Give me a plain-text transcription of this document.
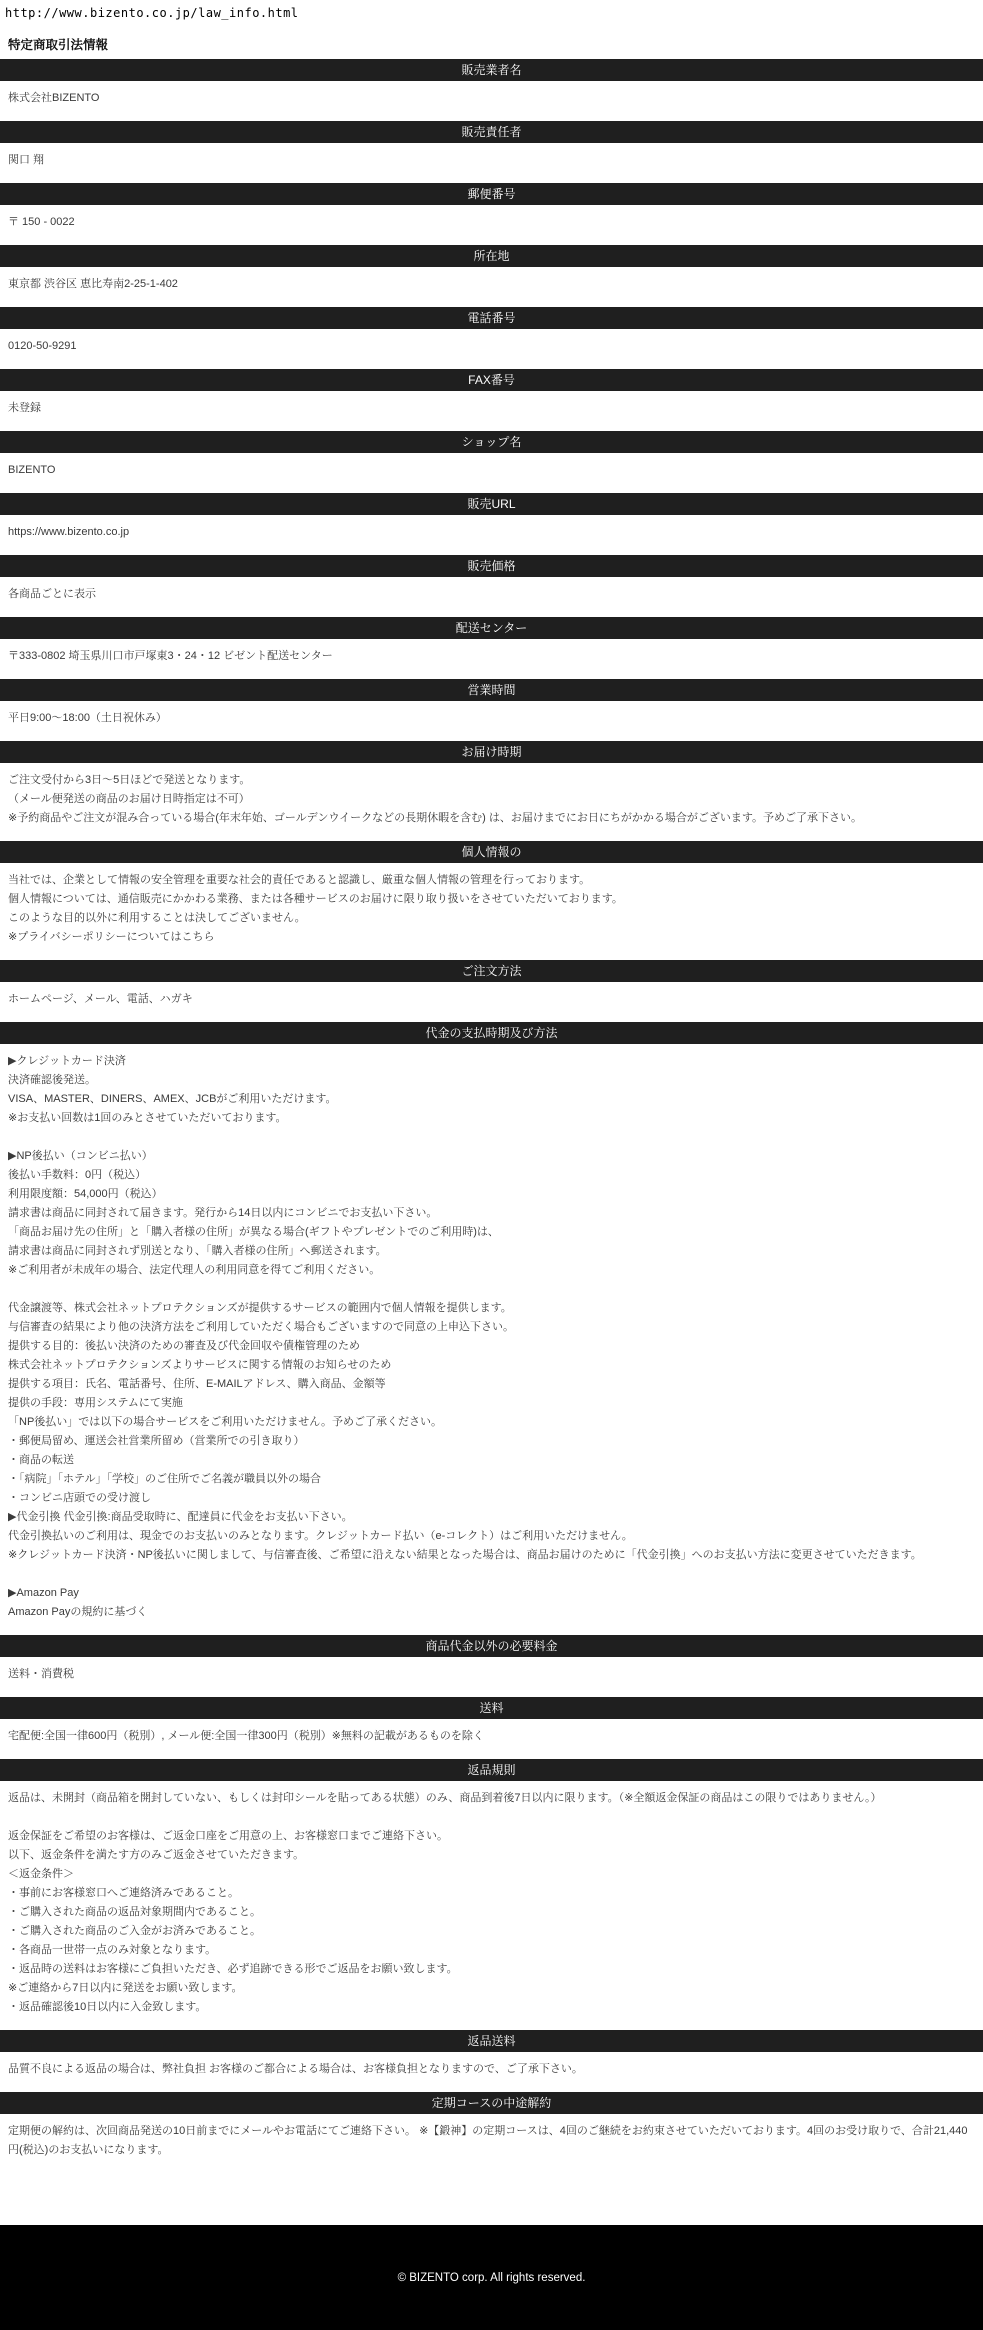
http://www.bizento.co.jp/law_info.html
特定商取引法情報
販売業者名
株式会社BIZENTO
販売責任者
関口 翔
郵便番号
〒 150 - 0022
所在地
東京都 渋谷区 恵比寿南2-25-1-402
電話番号
0120-50-9291
FAX番号
未登録
ショップ名
BIZENTO
販売URL
https://www.bizento.co.jp
販売価格
各商品ごとに表示
配送センター
〒333-0802 埼玉県川口市戸塚東3・24・12 ビゼント配送センター
営業時間
平日9:00～18:00（土日祝休み）
お届け時期
ご注文受付から3日～5日ほどで発送となります。
（メール便発送の商品のお届け日時指定は不可）
※予約商品やご注文が混み合っている場合(年末年始、ゴールデンウイークなどの長期休暇を含む) は、お届けまでにお日にちがかかる場合がございます。予めご了承下さい。
個人情報の
当社では、企業として情報の安全管理を重要な社会的責任であると認識し、厳重な個人情報の管理を行っております。
個人情報については、通信販売にかかわる業務、または各種サービスのお届けに限り取り扱いをさせていただいております。
このような目的以外に利用することは決してございません。
※プライバシーポリシーについてはこちら
ご注文方法
ホームページ、メール、電話、ハガキ
代金の支払時期及び方法
▶クレジットカード決済
決済確認後発送。
VISA、MASTER、DINERS、AMEX、JCBがご利用いただけます。
※お支払い回数は1回のみとさせていただいております。
▶NP後払い（コンビニ払い）
後払い手数料：0円（税込）
利用限度額：54,000円（税込）
請求書は商品に同封されて届きます。発行から14日以内にコンビニでお支払い下さい。
「商品お届け先の住所」と「購入者様の住所」が異なる場合(ギフトやプレゼントでのご利用時)は、
請求書は商品に同封されず別送となり、「購入者様の住所」へ郵送されます。
※ご利用者が未成年の場合、法定代理人の利用同意を得てご利用ください。
代金譲渡等、株式会社ネットプロテクションズが提供するサービスの範囲内で個人情報を提供します。
与信審査の結果により他の決済方法をご利用していただく場合もございますので同意の上申込下さい。
提供する目的：後払い決済のための審査及び代金回収や債権管理のため
株式会社ネットプロテクションズよりサービスに関する情報のお知らせのため
提供する項目：氏名、電話番号、住所、E-MAILアドレス、購入商品、金額等
提供の手段：専用システムにて実施
「NP後払い」では以下の場合サービスをご利用いただけません。予めご了承ください。
・郵便局留め、運送会社営業所留め（営業所での引き取り）
・商品の転送
・「病院」「ホテル」「学校」のご住所でご名義が職員以外の場合
・コンビニ店頭での受け渡し
▶代金引換 代金引換:商品受取時に、配達員に代金をお支払い下さい。
代金引換払いのご利用は、現金でのお支払いのみとなります。クレジットカード払い（e-コレクト）はご利用いただけません。
※クレジットカード決済・NP後払いに関しまして、与信審査後、ご希望に沿えない結果となった場合は、商品お届けのために「代金引換」へのお支払い方法に変更させていただきます。
▶Amazon Pay
Amazon Payの規約に基づく
商品代金以外の必要料金
送料・消費税
送料
宅配便:全国一律600円（税別）, メール便:全国一律300円（税別）※無料の記載があるものを除く
返品規則
返品は、未開封（商品箱を開封していない、もしくは封印シールを貼ってある状態）のみ、商品到着後7日以内に限ります。（※全額返金保証の商品はこの限りではありません。）
返金保証をご希望のお客様は、ご返金口座をご用意の上、お客様窓口までご連絡下さい。
以下、返金条件を満たす方のみご返金させていただきます。
＜返金条件＞
・事前にお客様窓口へご連絡済みであること。
・ご購入された商品の返品対象期間内であること。
・ご購入された商品のご入金がお済みであること。
・各商品一世帯一点のみ対象となります。
・返品時の送料はお客様にご負担いただき、必ず追跡できる形でご返品をお願い致します。
※ご連絡から7日以内に発送をお願い致します。
・返品確認後10日以内に入金致します。
返品送料
品質不良による返品の場合は、弊社負担 お客様のご都合による場合は、お客様負担となりますので、ご了承下さい。
定期コースの中途解約
定期便の解約は、次回商品発送の10日前までにメールやお電話にてご連絡下さい。 ※【鍛神】の定期コースは、4回のご継続をお約束させていただいております。4回のお受け取りで、合計21,440円(税込)のお支払いになります。
© BIZENTO corp. All rights reserved.
